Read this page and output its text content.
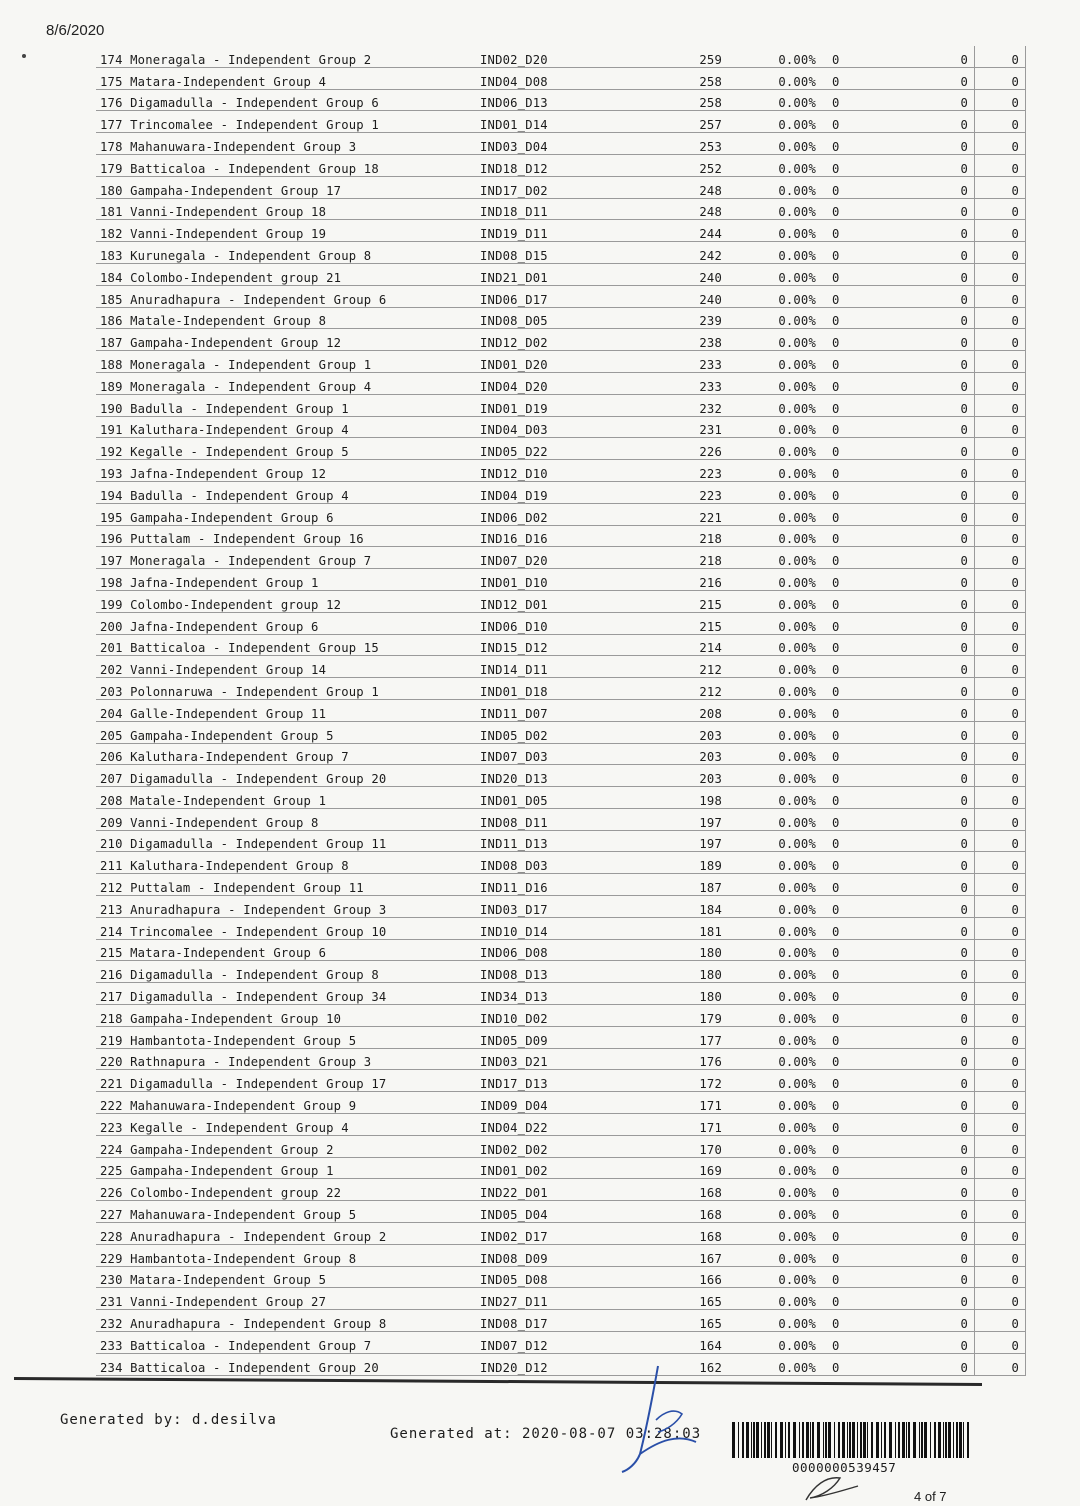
8/6/2020
174 Moneragala - Independent Group 2	IND02_D20	259	0.00%	0	0	0
175 Matara-Independent Group 4	IND04_D08	258	0.00%	0	0	0
176 Digamadulla - Independent Group 6	IND06_D13	258	0.00%	0	0	0
177 Trincomalee - Independent Group 1	IND01_D14	257	0.00%	0	0	0
178 Mahanuwara-Independent Group 3	IND03_D04	253	0.00%	0	0	0
179 Batticaloa - Independent Group 18	IND18_D12	252	0.00%	0	0	0
180 Gampaha-Independent Group 17	IND17_D02	248	0.00%	0	0	0
181 Vanni-Independent Group 18	IND18_D11	248	0.00%	0	0	0
182 Vanni-Independent Group 19	IND19_D11	244	0.00%	0	0	0
183 Kurunegala - Independent Group 8	IND08_D15	242	0.00%	0	0	0
184 Colombo-Independent group 21	IND21_D01	240	0.00%	0	0	0
185 Anuradhapura - Independent Group 6	IND06_D17	240	0.00%	0	0	0
186 Matale-Independent Group 8	IND08_D05	239	0.00%	0	0	0
187 Gampaha-Independent Group 12	IND12_D02	238	0.00%	0	0	0
188 Moneragala - Independent Group 1	IND01_D20	233	0.00%	0	0	0
189 Moneragala - Independent Group 4	IND04_D20	233	0.00%	0	0	0
190 Badulla - Independent Group 1	IND01_D19	232	0.00%	0	0	0
191 Kaluthara-Independent Group 4	IND04_D03	231	0.00%	0	0	0
192 Kegalle - Independent Group 5	IND05_D22	226	0.00%	0	0	0
193 Jafna-Independent Group 12	IND12_D10	223	0.00%	0	0	0
194 Badulla - Independent Group 4	IND04_D19	223	0.00%	0	0	0
195 Gampaha-Independent Group 6	IND06_D02	221	0.00%	0	0	0
196 Puttalam - Independent Group 16	IND16_D16	218	0.00%	0	0	0
197 Moneragala - Independent Group 7	IND07_D20	218	0.00%	0	0	0
198 Jafna-Independent Group 1	IND01_D10	216	0.00%	0	0	0
199 Colombo-Independent group 12	IND12_D01	215	0.00%	0	0	0
200 Jafna-Independent Group 6	IND06_D10	215	0.00%	0	0	0
201 Batticaloa - Independent Group 15	IND15_D12	214	0.00%	0	0	0
202 Vanni-Independent Group 14	IND14_D11	212	0.00%	0	0	0
203 Polonnaruwa - Independent Group 1	IND01_D18	212	0.00%	0	0	0
204 Galle-Independent Group 11	IND11_D07	208	0.00%	0	0	0
205 Gampaha-Independent Group 5	IND05_D02	203	0.00%	0	0	0
206 Kaluthara-Independent Group 7	IND07_D03	203	0.00%	0	0	0
207 Digamadulla - Independent Group 20	IND20_D13	203	0.00%	0	0	0
208 Matale-Independent Group 1	IND01_D05	198	0.00%	0	0	0
209 Vanni-Independent Group 8	IND08_D11	197	0.00%	0	0	0
210 Digamadulla - Independent Group 11	IND11_D13	197	0.00%	0	0	0
211 Kaluthara-Independent Group 8	IND08_D03	189	0.00%	0	0	0
212 Puttalam - Independent Group 11	IND11_D16	187	0.00%	0	0	0
213 Anuradhapura - Independent Group 3	IND03_D17	184	0.00%	0	0	0
214 Trincomalee - Independent Group 10	IND10_D14	181	0.00%	0	0	0
215 Matara-Independent Group 6	IND06_D08	180	0.00%	0	0	0
216 Digamadulla - Independent Group 8	IND08_D13	180	0.00%	0	0	0
217 Digamadulla - Independent Group 34	IND34_D13	180	0.00%	0	0	0
218 Gampaha-Independent Group 10	IND10_D02	179	0.00%	0	0	0
219 Hambantota-Independent Group 5	IND05_D09	177	0.00%	0	0	0
220 Rathnapura - Independent Group 3	IND03_D21	176	0.00%	0	0	0
221 Digamadulla - Independent Group 17	IND17_D13	172	0.00%	0	0	0
222 Mahanuwara-Independent Group 9	IND09_D04	171	0.00%	0	0	0
223 Kegalle - Independent Group 4	IND04_D22	171	0.00%	0	0	0
224 Gampaha-Independent Group 2	IND02_D02	170	0.00%	0	0	0
225 Gampaha-Independent Group 1	IND01_D02	169	0.00%	0	0	0
226 Colombo-Independent group 22	IND22_D01	168	0.00%	0	0	0
227 Mahanuwara-Independent Group 5	IND05_D04	168	0.00%	0	0	0
228 Anuradhapura - Independent Group 2	IND02_D17	168	0.00%	0	0	0
229 Hambantota-Independent Group 8	IND08_D09	167	0.00%	0	0	0
230 Matara-Independent Group 5	IND05_D08	166	0.00%	0	0	0
231 Vanni-Independent Group 27	IND27_D11	165	0.00%	0	0	0
232 Anuradhapura - Independent Group 8	IND08_D17	165	0.00%	0	0	0
233 Batticaloa - Independent Group 7	IND07_D12	164	0.00%	0	0	0
234 Batticaloa - Independent Group 20	IND20_D12	162	0.00%	0	0	0
Generated by: d.desilva
Generated at: 2020-08-07 03:28:03
0000000539457
4 of 7
